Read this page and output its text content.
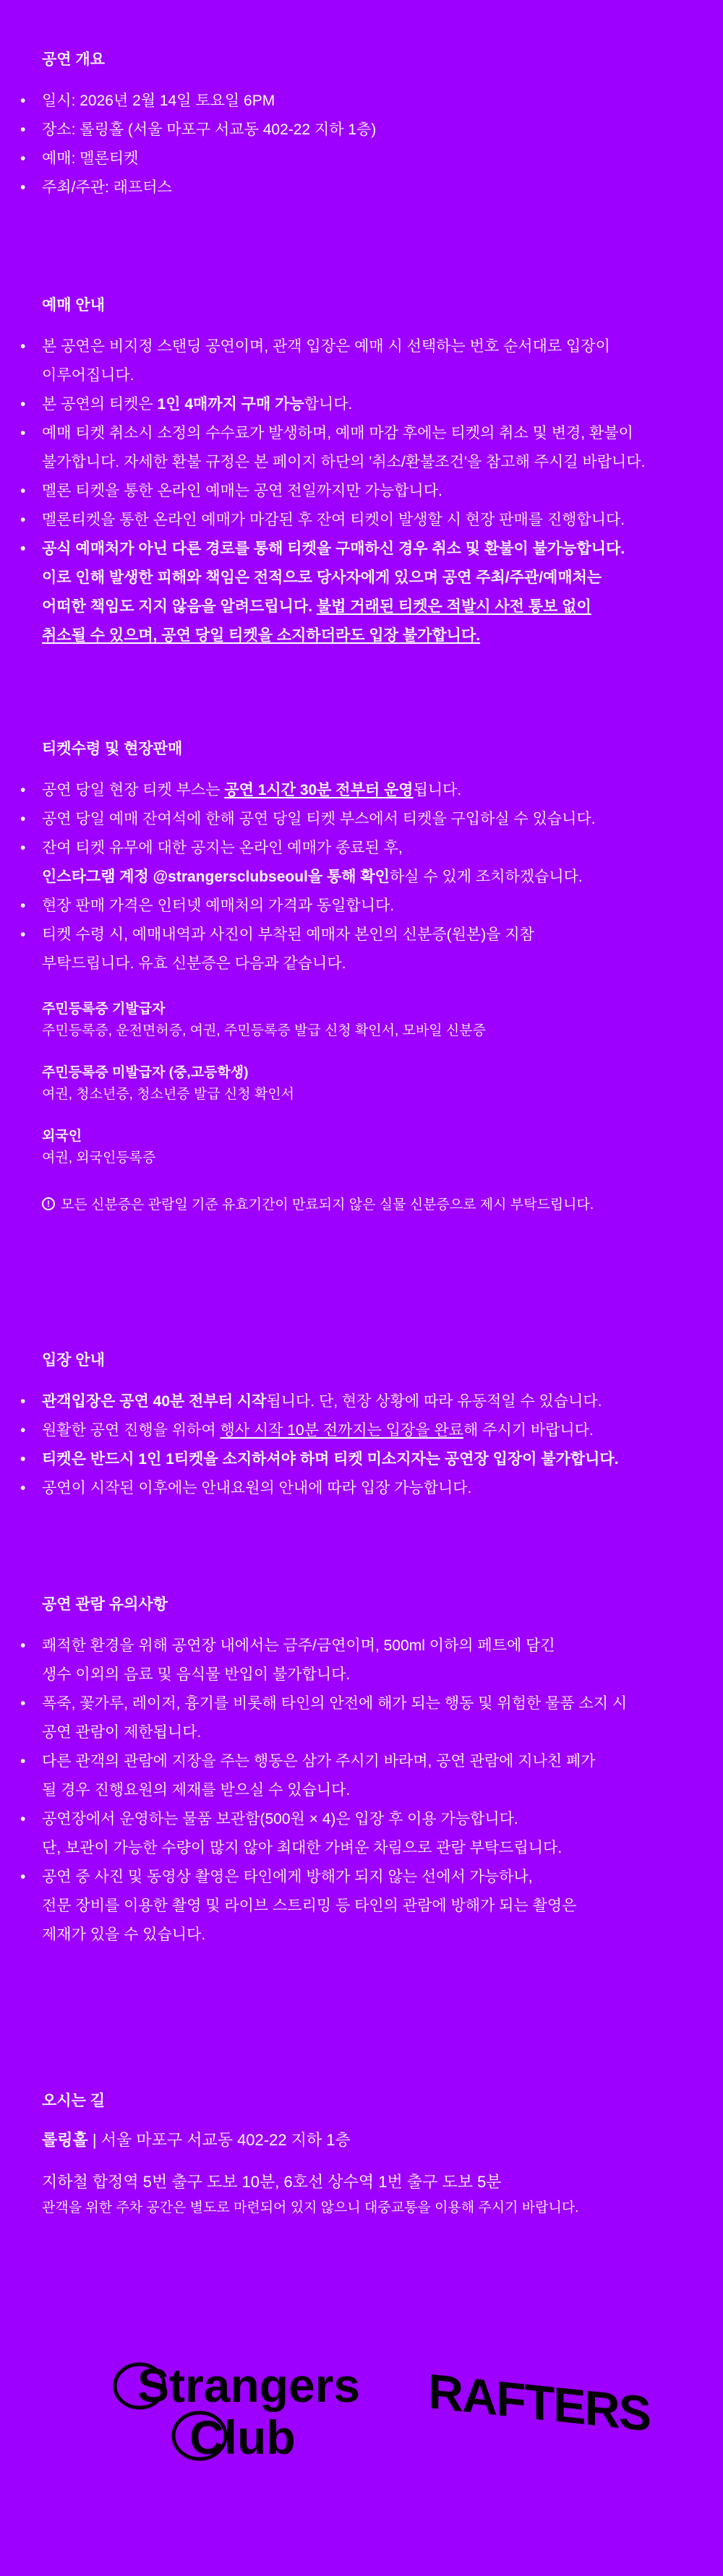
공연 개요
• 일시: 2026년 2월 14일 토요일 6PM
• 장소: 롤링홀 (서울 마포구 서교동 402-22 지하 1층)
• 예매: 멜론티켓
• 주최/주관: 래프터스
예매 안내
• 본 공연은 비지정 스탠딩 공연이며, 관객 입장은 예매 시 선택하는 번호 순서대로 입장이
이루어집니다.
• 본 공연의 티켓은 1인 4매까지 구매 가능합니다.
• 예매 티켓 취소시 소정의 수수료가 발생하며, 예매 마감 후에는 티켓의 취소 및 변경, 환불이
불가합니다. 자세한 환불 규정은 본 페이지 하단의 '취소/환불조건'을 참고해 주시길 바랍니다.
• 멜론 티켓을 통한 온라인 예매는 공연 전일까지만 가능합니다.
• 멜론티켓을 통한 온라인 예매가 마감된 후 잔여 티켓이 발생할 시 현장 판매를 진행합니다.
• 공식 예매처가 아닌 다른 경로를 통해 티켓을 구매하신 경우 취소 및 환불이 불가능합니다.
이로 인해 발생한 피해와 책임은 전적으로 당사자에게 있으며 공연 주최/주관/예매처는
어떠한 책임도 지지 않음을 알려드립니다. 불법 거래된 티켓은 적발시 사전 통보 없이
취소될 수 있으며, 공연 당일 티켓을 소지하더라도 입장 불가합니다.
티켓수령 및 현장판매
• 공연 당일 현장 티켓 부스는 공연 1시간 30분 전부터 운영됩니다.
• 공연 당일 예매 잔여석에 한해 공연 당일 티켓 부스에서 티켓을 구입하실 수 있습니다.
• 잔여 티켓 유무에 대한 공지는 온라인 예매가 종료된 후,
인스타그램 계정 @strangersclubseoul을 통해 확인하실 수 있게 조치하겠습니다.
• 현장 판매 가격은 인터넷 예매처의 가격과 동일합니다.
• 티켓 수령 시, 예매내역과 사진이 부착된 예매자 본인의 신분증(원본)을 지참
부탁드립니다. 유효 신분증은 다음과 같습니다.
주민등록증 기발급자
주민등록증, 운전면허증, 여권, 주민등록증 발급 신청 확인서, 모바일 신분증
주민등록증 미발급자 (중,고등학생)
여권, 청소년증, 청소년증 발급 신청 확인서
외국인
여권, 외국인등록증
! 모든 신분증은 관람일 기준 유효기간이 만료되지 않은 실물 신분증으로 제시 부탁드립니다.
입장 안내
• 관객입장은 공연 40분 전부터 시작됩니다. 단, 현장 상황에 따라 유동적일 수 있습니다.
• 원활한 공연 진행을 위하여 행사 시작 10분 전까지는 입장을 완료해 주시기 바랍니다.
• 티켓은 반드시 1인 1티켓을 소지하셔야 하며 티켓 미소지자는 공연장 입장이 불가합니다.
• 공연이 시작된 이후에는 안내요원의 안내에 따라 입장 가능합니다.
공연 관람 유의사항
• 쾌적한 환경을 위해 공연장 내에서는 금주/금연이며, 500ml 이하의 페트에 담긴
생수 이외의 음료 및 음식물 반입이 불가합니다.
• 폭죽, 꽃가루, 레이저, 흉기를 비롯해 타인의 안전에 해가 되는 행동 및 위험한 물품 소지 시
공연 관람이 제한됩니다.
• 다른 관객의 관람에 지장을 주는 행동은 삼가 주시기 바라며, 공연 관람에 지나친 폐가
될 경우 진행요원의 제재를 받으실 수 있습니다.
• 공연장에서 운영하는 물품 보관함(500원 × 4)은 입장 후 이용 가능합니다.
단, 보관이 가능한 수량이 많지 않아 최대한 가벼운 차림으로 관람 부탁드립니다.
• 공연 중 사진 및 동영상 촬영은 타인에게 방해가 되지 않는 선에서 가능하나,
전문 장비를 이용한 촬영 및 라이브 스트리밍 등 타인의 관람에 방해가 되는 촬영은
제재가 있을 수 있습니다.
오시는 길
롤링홀 | 서울 마포구 서교동 402-22 지하 1층
지하철 합정역 5번 출구 도보 10분, 6호선 상수역 1번 출구 도보 5분
관객을 위한 주차 공간은 별도로 마련되어 있지 않으니 대중교통을 이용해 주시기 바랍니다.
Strangers
Club	RAFTERS
